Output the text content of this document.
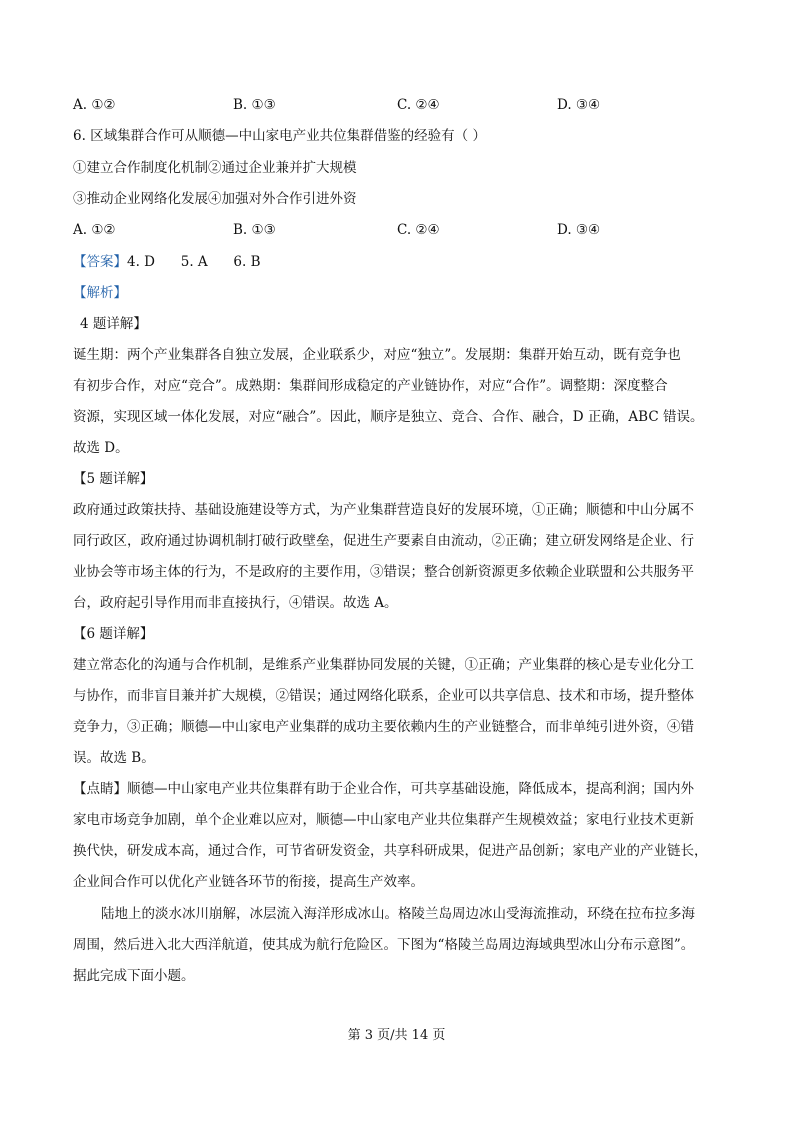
A. ①②	B. ①③	C. ②④	D. ③④
6. 区域集群合作可从顺德—中山家电产业共位集群借鉴的经验有（ ）
①建立合作制度化机制②通过企业兼并扩大规模
③推动企业网络化发展④加强对外合作引进外资
A. ①②	B. ①③	C. ②④	D. ③④
【答案】4. D      5. A      6. B
【解析】
4 题详解】
诞生期：两个产业集群各自独立发展，企业联系少，对应“独立”。发展期：集群开始互动，既有竞争也
有初步合作，对应“竞合”。成熟期：集群间形成稳定的产业链协作，对应“合作”。调整期：深度整合
资源，实现区域一体化发展，对应“融合”。因此，顺序是独立、竞合、合作、融合，D 正确，ABC 错误。
故选 D。
【5 题详解】
政府通过政策扶持、基础设施建设等方式，为产业集群营造良好的发展环境，①正确；顺德和中山分属不
同行政区，政府通过协调机制打破行政壁垒，促进生产要素自由流动，②正确；建立研发网络是企业、行
业协会等市场主体的行为，不是政府的主要作用，③错误；整合创新资源更多依赖企业联盟和公共服务平
台，政府起引导作用而非直接执行，④错误。故选 A。
【6 题详解】
建立常态化的沟通与合作机制，是维系产业集群协同发展的关键，①正确；产业集群的核心是专业化分工
与协作，而非盲目兼并扩大规模，②错误；通过网络化联系，企业可以共享信息、技术和市场，提升整体
竞争力，③正确；顺德—中山家电产业集群的成功主要依赖内生的产业链整合，而非单纯引进外资，④错
误。故选 B。
【点睛】顺德—中山家电产业共位集群有助于企业合作，可共享基础设施，降低成本，提高利润；国内外
家电市场竞争加剧，单个企业难以应对，顺德—中山家电产业共位集群产生规模效益；家电行业技术更新
换代快，研发成本高，通过合作，可节省研发资金，共享科研成果，促进产品创新；家电产业的产业链长，
企业间合作可以优化产业链各环节的衔接，提高生产效率。
陆地上的淡水冰川崩解，冰层流入海洋形成冰山。格陵兰岛周边冰山受海流推动，环绕在拉布拉多海
周围，然后进入北大西洋航道，使其成为航行危险区。下图为“格陵兰岛周边海域典型冰山分布示意图”。
据此完成下面小题。
第 3 页/共 14 页
